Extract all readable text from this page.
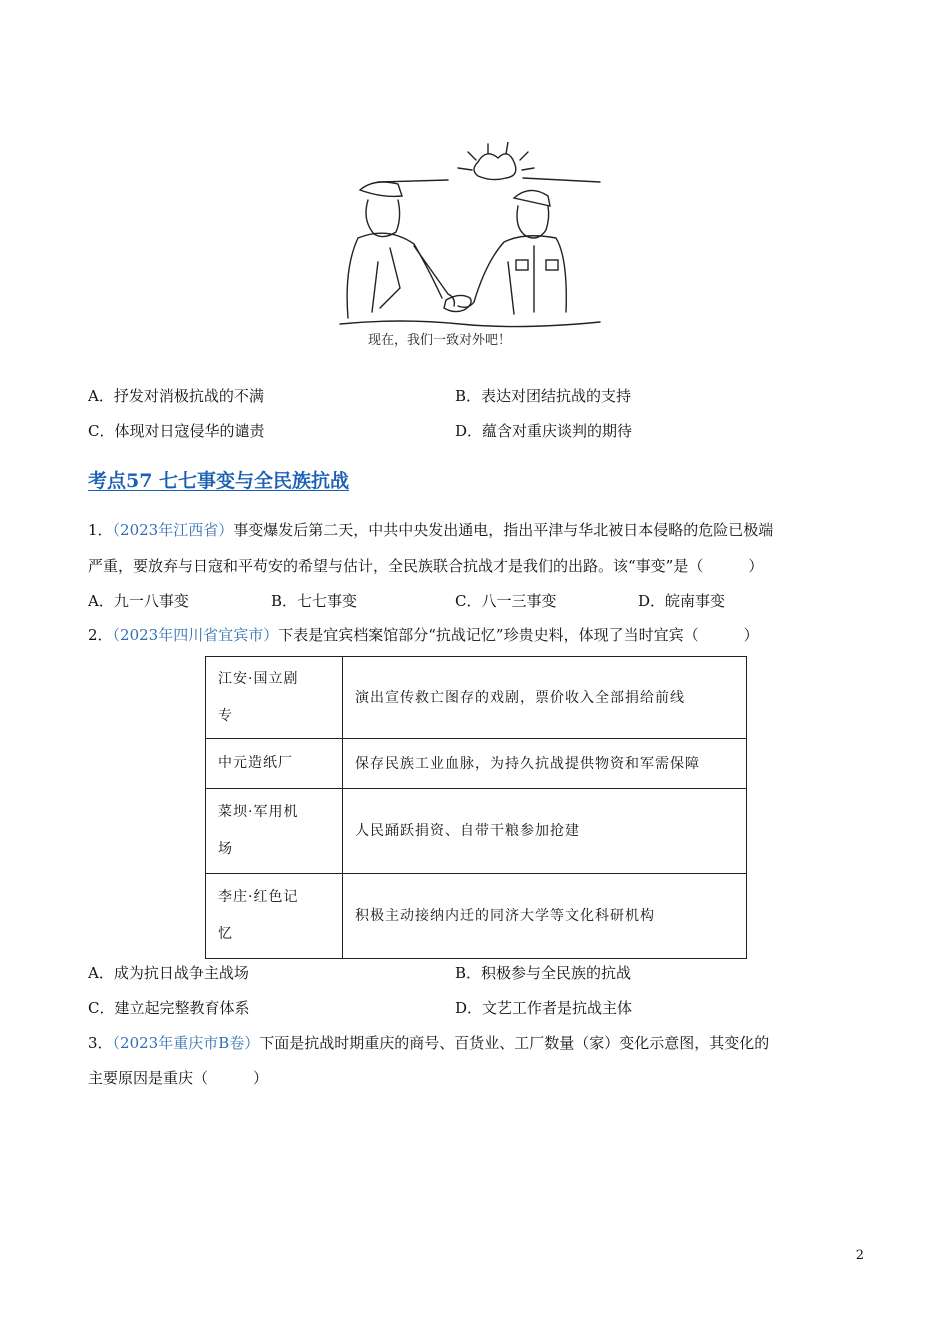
现在，我们一致对外吧！
A．抒发对消极抗战的不满	B．表达对团结抗战的支持
C．体现对日寇侵华的谴责	D．蕴含对重庆谈判的期待
考点57 七七事变与全民族抗战
1．（2023年江西省）事变爆发后第二天，中共中央发出通电，指出平津与华北被日本侵略的危险已极端
严重，要放弃与日寇和平苟安的希望与估计，全民族联合抗战才是我们的出路。该“事变”是（　　　）
A．九一八事变	B．七七事变	C．八一三事变	D．皖南事变
2．（2023年四川省宜宾市）下表是宜宾档案馆部分“抗战记忆”珍贵史料，体现了当时宜宾（　　　）
江安·国立剧
专	演出宣传救亡图存的戏剧，票价收入全部捐给前线

中元造纸厂	保存民族工业血脉，为持久抗战提供物资和军需保障

菜坝·军用机
场	人民踊跃捐资、自带干粮参加抢建

李庄·红色记
忆	积极主动接纳内迁的同济大学等文化科研机构
A．成为抗日战争主战场	B．积极参与全民族的抗战
C．建立起完整教育体系	D．文艺工作者是抗战主体
3．（2023年重庆市B卷）下面是抗战时期重庆的商号、百货业、工厂数量（家）变化示意图，其变化的
主要原因是重庆（　　　）
2
